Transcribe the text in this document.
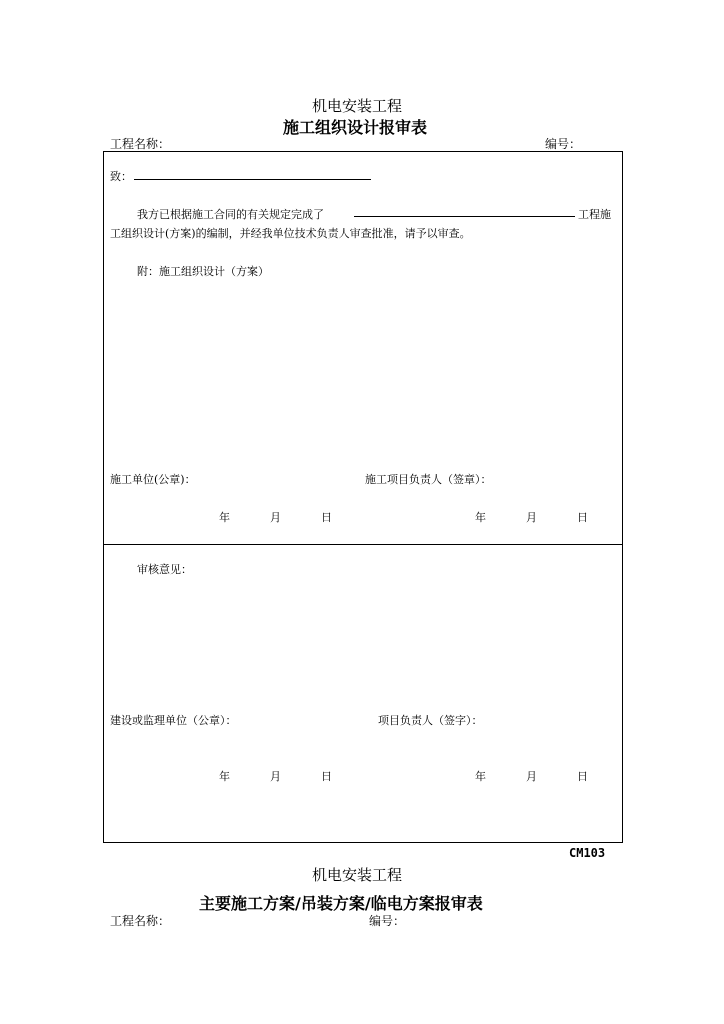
机电安装工程
施工组织设计报审表
工程名称：	编号：
致：
我方已根据施工合同的有关规定完成了	工程施
工组织设计(方案)的编制，并经我单位技术负责人审查批准，请予以审查。
附：施工组织设计（方案）
施工单位(公章)：	施工项目负责人（签章）：
年	月	日	年	月	日
审核意见：
建设或监理单位（公章）：	项目负责人（签字）：
年	月	日	年	月	日
CM103
机电安装工程
主要施工方案/吊装方案/临电方案报审表
工程名称：	编号：
